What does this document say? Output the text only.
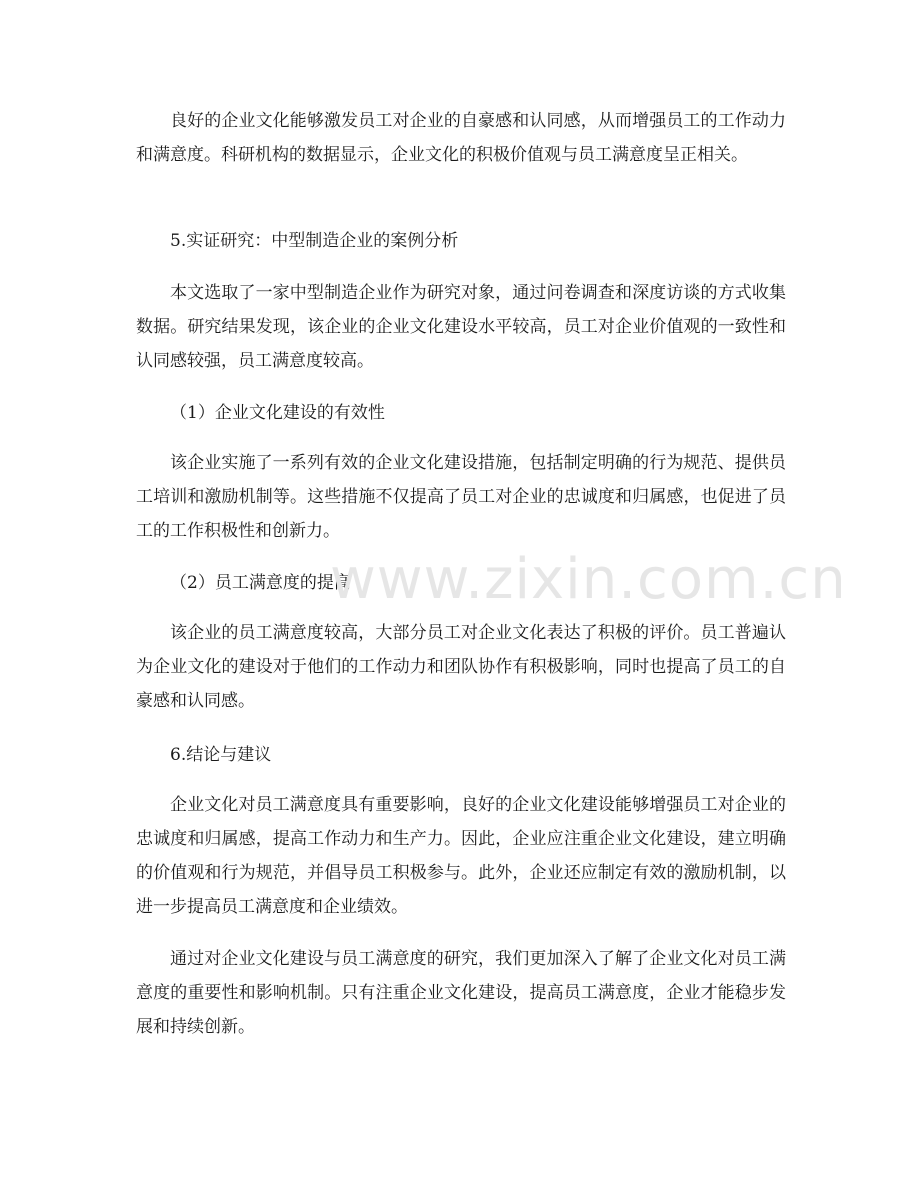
良好的企业文化能够激发员工对企业的自豪感和认同感，从而增强员工的工作动力和满意度。科研机构的数据显示，企业文化的积极价值观与员工满意度呈正相关。

5.实证研究：中型制造企业的案例分析

本文选取了一家中型制造企业作为研究对象，通过问卷调查和深度访谈的方式收集数据。研究结果发现，该企业的企业文化建设水平较高，员工对企业价值观的一致性和认同感较强，员工满意度较高。

（1）企业文化建设的有效性

该企业实施了一系列有效的企业文化建设措施，包括制定明确的行为规范、提供员工培训和激励机制等。这些措施不仅提高了员工对企业的忠诚度和归属感，也促进了员工的工作积极性和创新力。

（2）员工满意度的提高

该企业的员工满意度较高，大部分员工对企业文化表达了积极的评价。员工普遍认为企业文化的建设对于他们的工作动力和团队协作有积极影响，同时也提高了员工的自豪感和认同感。

6.结论与建议

企业文化对员工满意度具有重要影响，良好的企业文化建设能够增强员工对企业的忠诚度和归属感，提高工作动力和生产力。因此，企业应注重企业文化建设，建立明确的价值观和行为规范，并倡导员工积极参与。此外，企业还应制定有效的激励机制，以进一步提高员工满意度和企业绩效。

通过对企业文化建设与员工满意度的研究，我们更加深入了解了企业文化对员工满意度的重要性和影响机制。只有注重企业文化建设，提高员工满意度，企业才能稳步发展和持续创新。

www.zixin.com.cn
